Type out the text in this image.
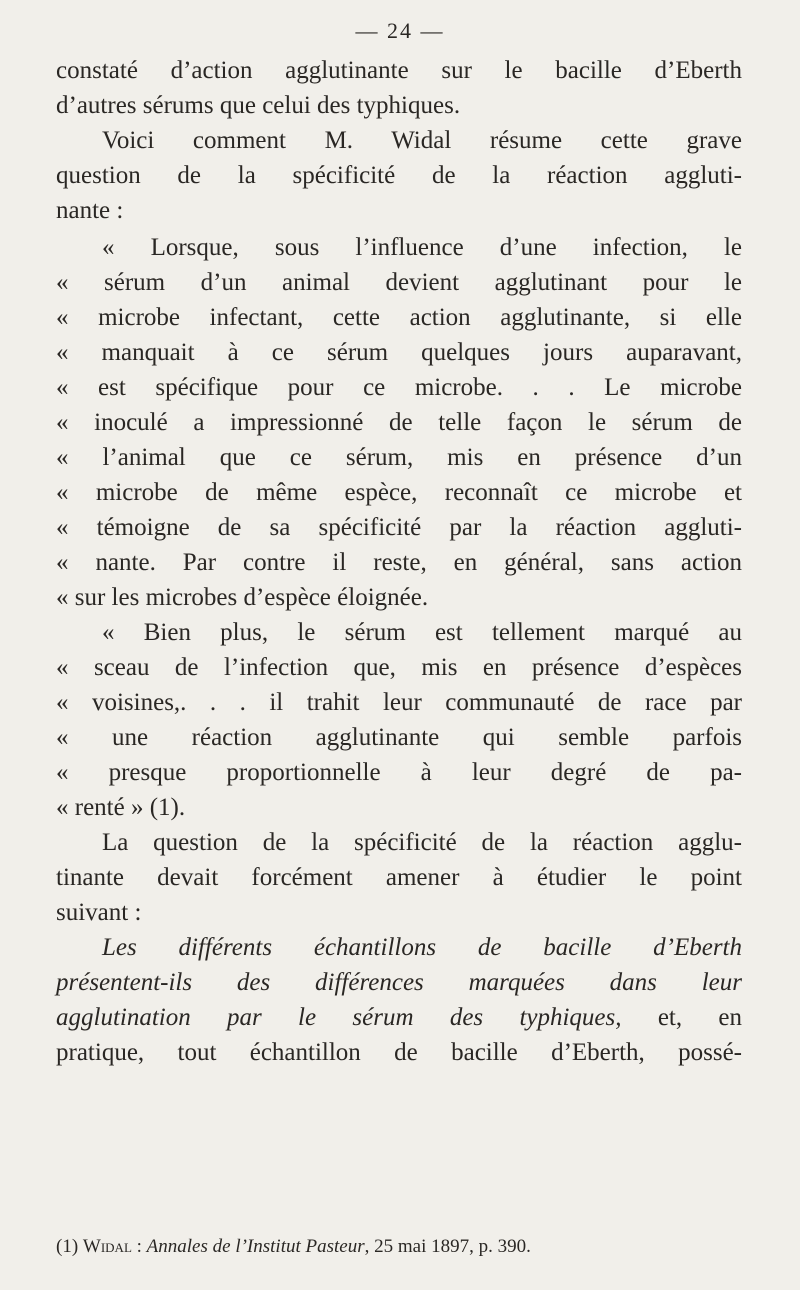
— 24 —
constaté d’action agglutinante sur le bacille d’Eberth
d’autres sérums que celui des typhiques.
Voici comment M. Widal résume cette grave
question de la spécificité de la réaction aggluti-
nante :
« Lorsque, sous l’influence d’une infection, le
« sérum d’un animal devient agglutinant pour le
« microbe infectant, cette action agglutinante, si elle
« manquait à ce sérum quelques jours auparavant,
« est spécifique pour ce microbe. . . Le microbe
« inoculé a impressionné de telle façon le sérum de
« l’animal que ce sérum, mis en présence d’un
« microbe de même espèce, reconnaît ce microbe et
« témoigne de sa spécificité par la réaction aggluti-
« nante. Par contre il reste, en général, sans action
« sur les microbes d’espèce éloignée.
« Bien plus, le sérum est tellement marqué au
« sceau de l’infection que, mis en présence d’espèces
« voisines,. . . il trahit leur communauté de race par
« une réaction agglutinante qui semble parfois
« presque proportionnelle à leur degré de pa-
« renté » (1).
La question de la spécificité de la réaction agglu-
tinante devait forcément amener à étudier le point
suivant :
Les différents échantillons de bacille d’Eberth
présentent-ils des différences marquées dans leur
agglutination par le sérum des typhiques, et, en
pratique, tout échantillon de bacille d’Eberth, possé-
(1) Widal : Annales de l’Institut Pasteur, 25 mai 1897, p. 390.
